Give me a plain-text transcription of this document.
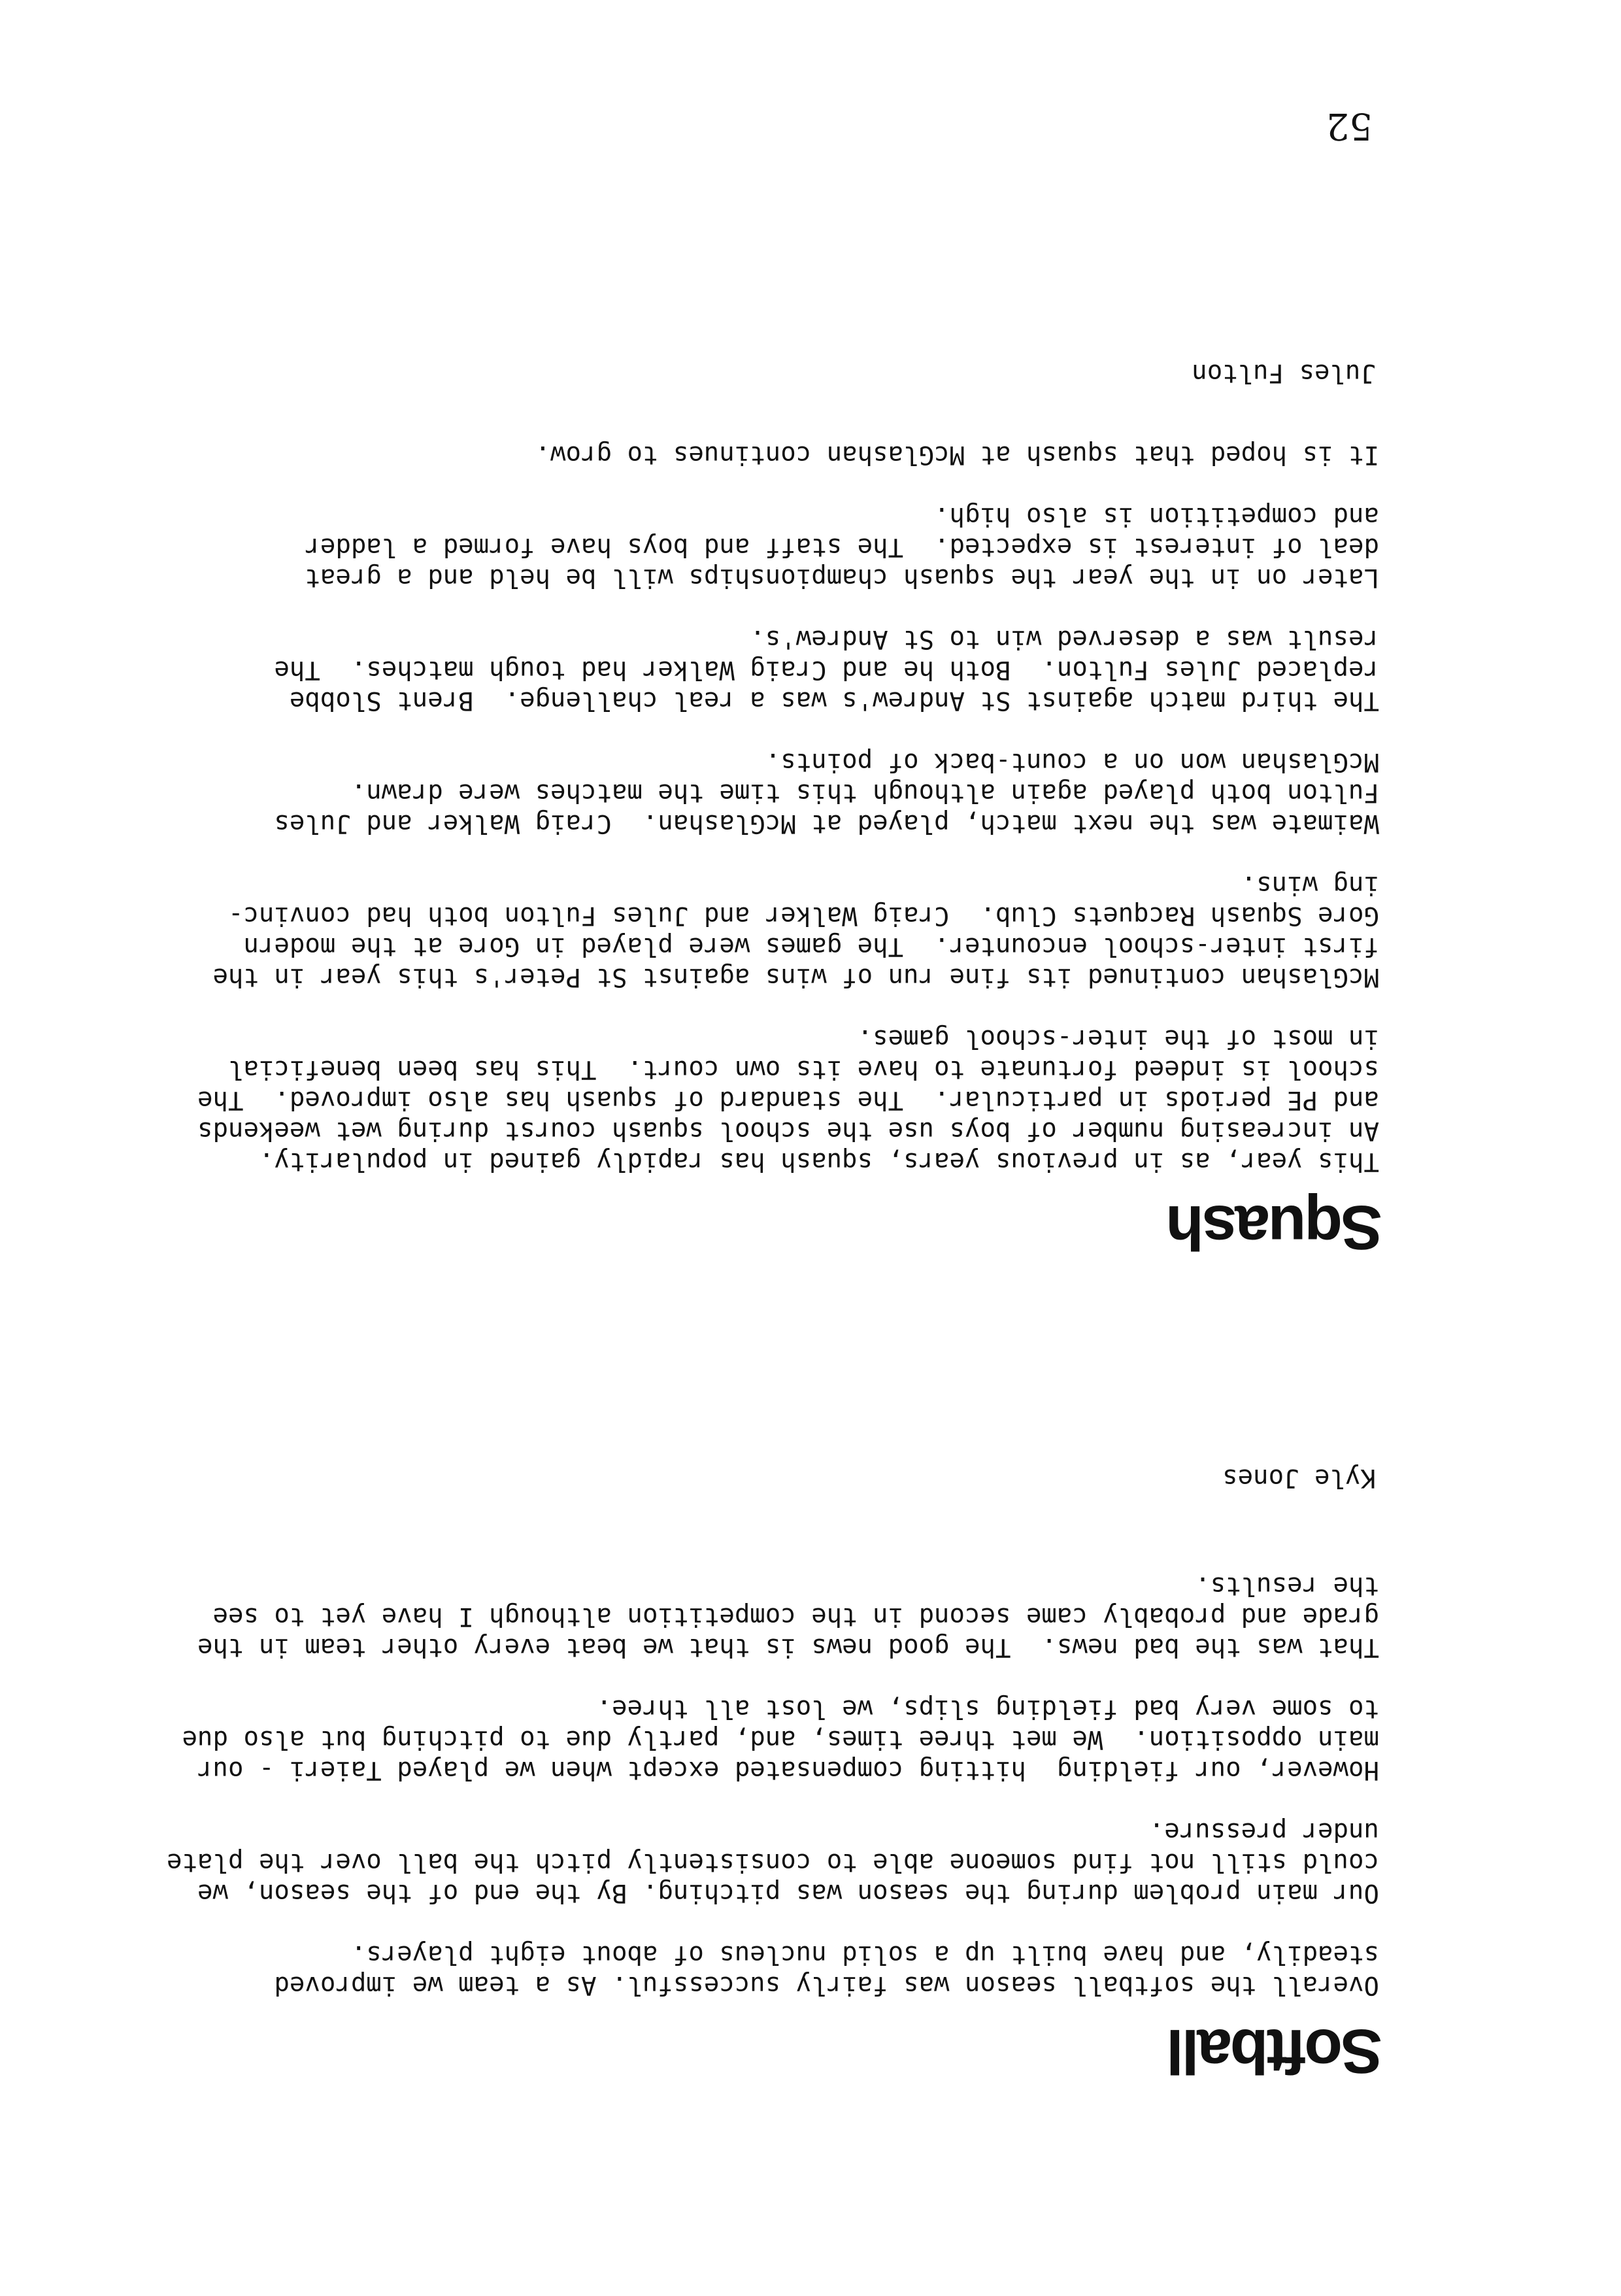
Softball

Overall the softball season was fairly successful. As a team we improved
steadily, and have built up a solid nucleus of about eight players.

Our main problem during the season was pitching. By the end of the season, we
could still not find someone able to consistently pitch the ball over the plate
under pressure.

However, our fielding  hitting compensated except when we played Taieri - our
main opposition.  We met three times, and, partly due to pitching but also due
to some very bad fielding slips, we lost all three.

That was the bad news.  The good news is that we beat every other team in the
grade and probably came second in the competition although I have yet to see
the results.

Kyle Jones

Squash

This year, as in previous years, squash has rapidly gained in popularity.
An increasing number of boys use the school squash courst during wet weekends
and PE periods in particular.  The standard of squash has also improved.  The
school is indeed fortunate to have its own court.  This has been beneficial
in most of the inter-school games.

McGlashan continued its fine run of wins against St Peter's this year in the
first inter-school encounter.  The games were played in Gore at the modern
Gore Squash Racquets Club.  Craig Walker and Jules Fulton both had convinc-
ing wins.

Waimate was the next match, played at McGlashan.  Craig Walker and Jules
Fulton both played again although this time the matches were drawn.
McGlashan won on a count-back of points.

The third match against St Andrew's was a real challenge.  Brent Slobbe
replaced Jules Fulton.  Both he and Craig Walker had tough matches.  The
result was a deserved win to St Andrew's.

Later on in the year the squash championships will be held and a great
deal of interest is expected.  The staff and boys have formed a ladder
and competition is also high.

It is hoped that squash at McGlashan continues to grow.

Jules Fulton

52
